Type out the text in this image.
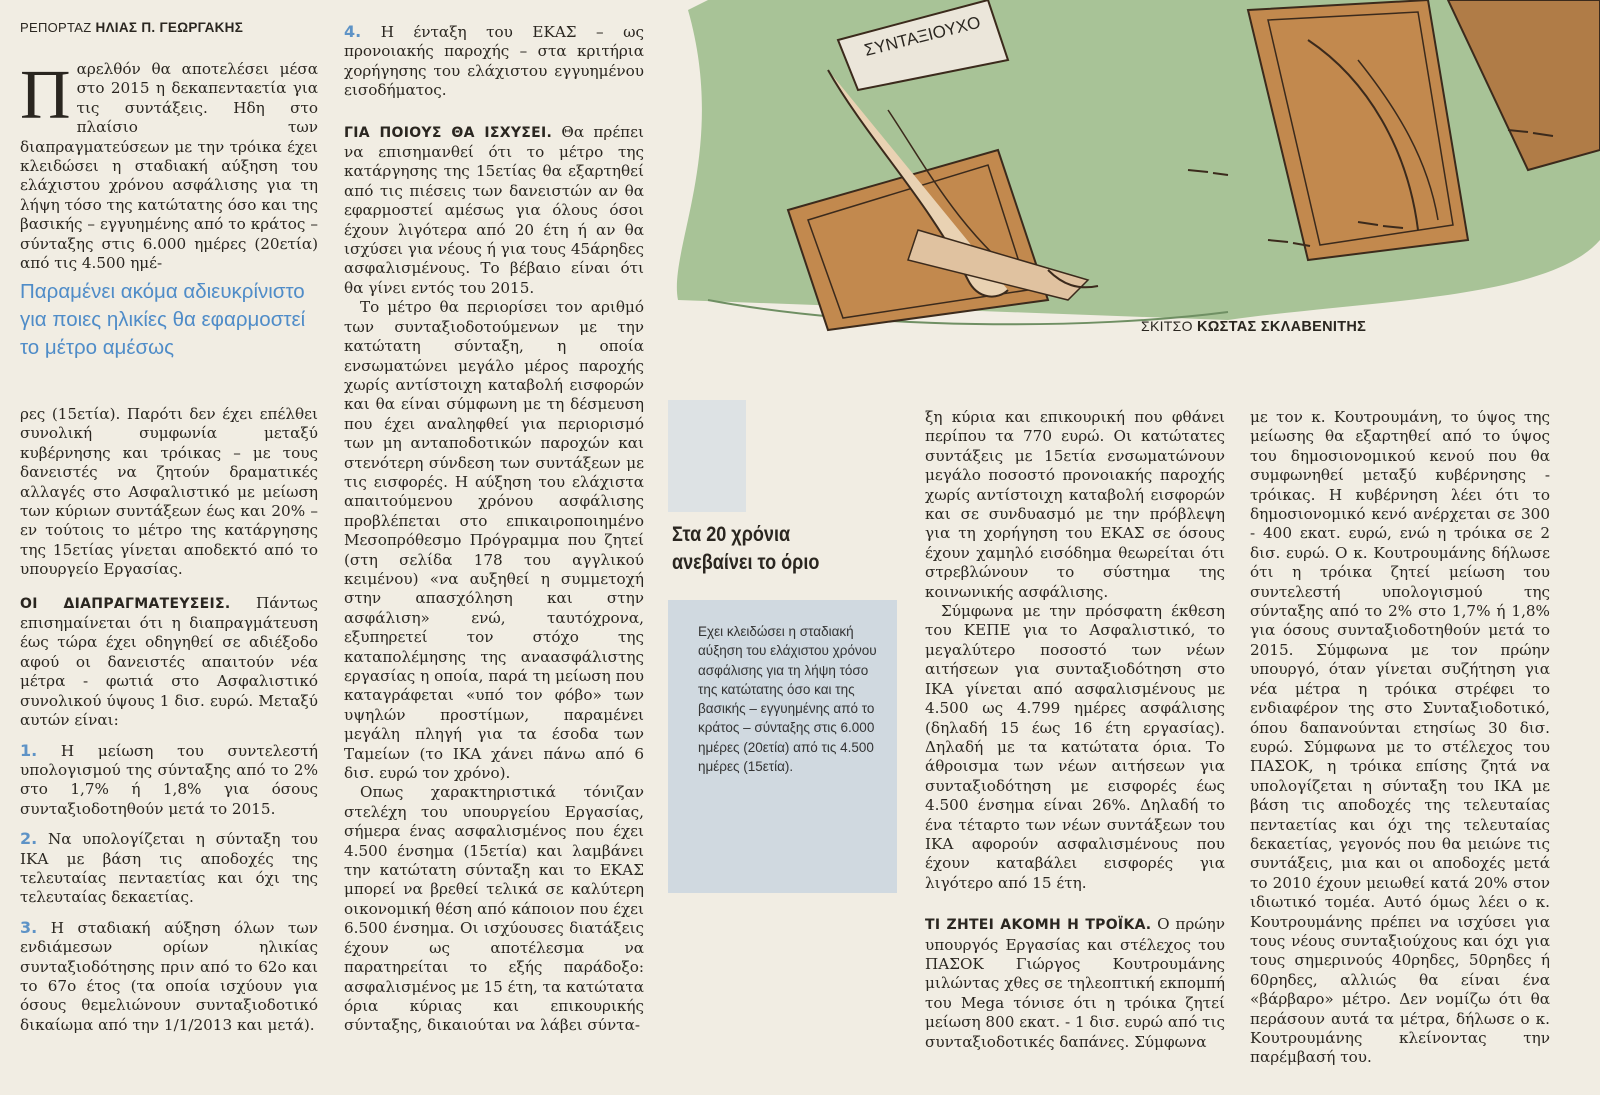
ΡΕΠΟΡΤΑΖ ΗΛΙΑΣ Π. ΓΕΩΡΓΑΚΗΣ

Παρελθόν θα αποτελέσει μέσα στο 2015 η δεκαπενταετία για τις συντάξεις. Ηδη στο πλαίσιο των διαπραγματεύσεων με την τρόικα έχει κλειδώσει η σταδιακή αύξηση του ελάχιστου χρόνου ασφάλισης για τη λήψη τόσο της κατώτατης όσο και της βασικής – εγγυημένης από το κράτος – σύνταξης στις 6.000 ημέρες (20ετία) από τις 4.500 ημέ-

Παραμένει ακόμα αδιευκρίνιστο για ποιες ηλικίες θα εφαρμοστεί το μέτρο αμέσως

ρες (15ετία). Παρότι δεν έχει επέλθει συνολική συμφωνία μεταξύ κυβέρνησης και τρόικας – με τους δανειστές να ζητούν δραματικές αλλαγές στο Ασφαλιστικό με μείωση των κύριων συντάξεων έως και 20% – εν τούτοις το μέτρο της κατάργησης της 15ετίας γίνεται αποδεκτό από το υπουργείο Εργασίας.

ΟΙ ΔΙΑΠΡΑΓΜΑΤΕΥΣΕΙΣ. Πάντως επισημαίνεται ότι η διαπραγμάτευση έως τώρα έχει οδηγηθεί σε αδιέξοδο αφού οι δανειστές απαιτούν νέα μέτρα - φωτιά στο Ασφαλιστικό συνολικού ύψους 1 δισ. ευρώ. Μεταξύ αυτών είναι:

1. Η μείωση του συντελεστή υπολογισμού της σύνταξης από το 2% στο 1,7% ή 1,8% για όσους συνταξιοδοτηθούν μετά το 2015.

2. Να υπολογίζεται η σύνταξη του ΙΚΑ με βάση τις αποδοχές της τελευταίας πενταετίας και όχι της τελευταίας δεκαετίας.

3. Η σταδιακή αύξηση όλων των ενδιάμεσων ορίων ηλικίας συνταξιοδότησης πριν από το 62ο και το 67ο έτος (τα οποία ισχύουν για όσους θεμελιώνουν συνταξιοδοτικό δικαίωμα από την 1/1/2013 και μετά).

4. Η ένταξη του ΕΚΑΣ – ως προνοιακής παροχής – στα κριτήρια χορήγησης του ελάχιστου εγγυημένου εισοδήματος.

ΓΙΑ ΠΟΙΟΥΣ ΘΑ ΙΣΧΥΣΕΙ. Θα πρέπει να επισημανθεί ότι το μέτρο της κατάργησης της 15ετίας θα εξαρτηθεί από τις πιέσεις των δανειστών αν θα εφαρμοστεί αμέσως για όλους όσοι έχουν λιγότερα από 20 έτη ή αν θα ισχύσει για νέους ή για τους 45άρηδες ασφαλισμένους. Το βέβαιο είναι ότι θα γίνει εντός του 2015.

Το μέτρο θα περιορίσει τον αριθμό των συνταξιοδοτούμενων με την κατώτατη σύνταξη, η οποία ενσωματώνει μεγάλο μέρος παροχής χωρίς αντίστοιχη καταβολή εισφορών και θα είναι σύμφωνη με τη δέσμευση που έχει αναληφθεί για περιορισμό των μη ανταποδοτικών παροχών και στενότερη σύνδεση των συντάξεων με τις εισφορές. Η αύξηση του ελάχιστα απαιτούμενου χρόνου ασφάλισης προβλέπεται στο επικαιροποιημένο Μεσοπρόθεσμο Πρόγραμμα που ζητεί (στη σελίδα 178 του αγγλικού κειμένου) «να αυξηθεί η συμμετοχή στην απασχόληση και στην ασφάλιση» ενώ, ταυτόχρονα, εξυπηρετεί τον στόχο της καταπολέμησης της αναασφάλιστης εργασίας η οποία, παρά τη μείωση που καταγράφεται «υπό τον φόβο» των υψηλών προστίμων, παραμένει μεγάλη πληγή για τα έσοδα των Ταμείων (το ΙΚΑ χάνει πάνω από 6 δισ. ευρώ τον χρόνο).

Οπως χαρακτηριστικά τόνιζαν στελέχη του υπουργείου Εργασίας, σήμερα ένας ασφαλισμένος που έχει 4.500 ένσημα (15ετία) και λαμβάνει την κατώτατη σύνταξη και το ΕΚΑΣ μπορεί να βρεθεί τελικά σε καλύτερη οικονομική θέση από κάποιον που έχει 6.500 ένσημα. Οι ισχύουσες διατάξεις έχουν ως αποτέλεσμα να παρατηρείται το εξής παράδοξο: ασφαλισμένος με 15 έτη, τα κατώτατα όρια κύριας και επικουρικής σύνταξης, δικαιούται να λάβει σύντα-

ΣΥΝΤΑΞΙΟΥΧΟ
ΣΚΙΤΣΟ ΚΩΣΤΑΣ ΣΚΛΑΒΕΝΙΤΗΣ
Στα 20 χρόνια ανεβαίνει το όριο
Εχει κλειδώσει η σταδιακή αύξηση του ελάχιστου χρόνου ασφάλισης για τη λήψη τόσο της κατώτατης όσο και της βασικής – εγγυημένης από το κράτος – σύνταξης στις 6.000 ημέρες (20ετία) από τις 4.500 ημέρες (15ετία).

ξη κύρια και επικουρική που φθάνει περίπου τα 770 ευρώ. Οι κατώτατες συντάξεις με 15ετία ενσωματώνουν μεγάλο ποσοστό προνοιακής παροχής χωρίς αντίστοιχη καταβολή εισφορών και σε συνδυασμό με την πρόβλεψη για τη χορήγηση του ΕΚΑΣ σε όσους έχουν χαμηλό εισόδημα θεωρείται ότι στρεβλώνουν το σύστημα της κοινωνικής ασφάλισης.

Σύμφωνα με την πρόσφατη έκθεση του ΚΕΠΕ για το Ασφαλιστικό, το μεγαλύτερο ποσοστό των νέων αιτήσεων για συνταξιοδότηση στο ΙΚΑ γίνεται από ασφαλισμένους με 4.500 ως 4.799 ημέρες ασφάλισης (δηλαδή 15 έως 16 έτη εργασίας). Δηλαδή με τα κατώτατα όρια. Το άθροισμα των νέων αιτήσεων για συνταξιοδότηση με εισφορές έως 4.500 ένσημα είναι 26%. Δηλαδή το ένα τέταρτο των νέων συντάξεων του ΙΚΑ αφορούν ασφαλισμένους που έχουν καταβάλει εισφορές για λιγότερο από 15 έτη.

ΤΙ ΖΗΤΕΙ ΑΚΟΜΗ Η ΤΡΟΪΚΑ. Ο πρώην υπουργός Εργασίας και στέλεχος του ΠΑΣΟΚ Γιώργος Κουτρουμάνης μιλώντας χθες σε τηλεοπτική εκπομπή του Mega τόνισε ότι η τρόικα ζητεί μείωση 800 εκατ. - 1 δισ. ευρώ από τις συνταξιοδοτικές δαπάνες. Σύμφωνα

με τον κ. Κουτρουμάνη, το ύψος της μείωσης θα εξαρτηθεί από το ύψος του δημοσιονομικού κενού που θα συμφωνηθεί μεταξύ κυβέρνησης - τρόικας. Η κυβέρνηση λέει ότι το δημοσιονομικό κενό ανέρχεται σε 300 - 400 εκατ. ευρώ, ενώ η τρόικα σε 2 δισ. ευρώ. Ο κ. Κουτρουμάνης δήλωσε ότι η τρόικα ζητεί μείωση του συντελεστή υπολογισμού της σύνταξης από το 2% στο 1,7% ή 1,8% για όσους συνταξιοδοτηθούν μετά το 2015. Σύμφωνα με τον πρώην υπουργό, όταν γίνεται συζήτηση για νέα μέτρα η τρόικα στρέφει το ενδιαφέρον της στο Συνταξιοδοτικό, όπου δαπανούνται ετησίως 30 δισ. ευρώ. Σύμφωνα με το στέλεχος του ΠΑΣΟΚ, η τρόικα επίσης ζητά να υπολογίζεται η σύνταξη του ΙΚΑ με βάση τις αποδοχές της τελευταίας πενταετίας και όχι της τελευταίας δεκαετίας, γεγονός που θα μειώνε τις συντάξεις, μια και οι αποδοχές μετά το 2010 έχουν μειωθεί κατά 20% στον ιδιωτικό τομέα. Αυτό όμως λέει ο κ. Κουτρουμάνης πρέπει να ισχύσει για τους νέους συνταξιούχους και όχι για τους σημερινούς 40ρηδες, 50ρηδες ή 60ρηδες, αλλιώς θα είναι ένα «βάρβαρο» μέτρο. Δεν νομίζω ότι θα περάσουν αυτά τα μέτρα, δήλωσε ο κ. Κουτρουμάνης κλείνοντας την παρέμβασή του.
